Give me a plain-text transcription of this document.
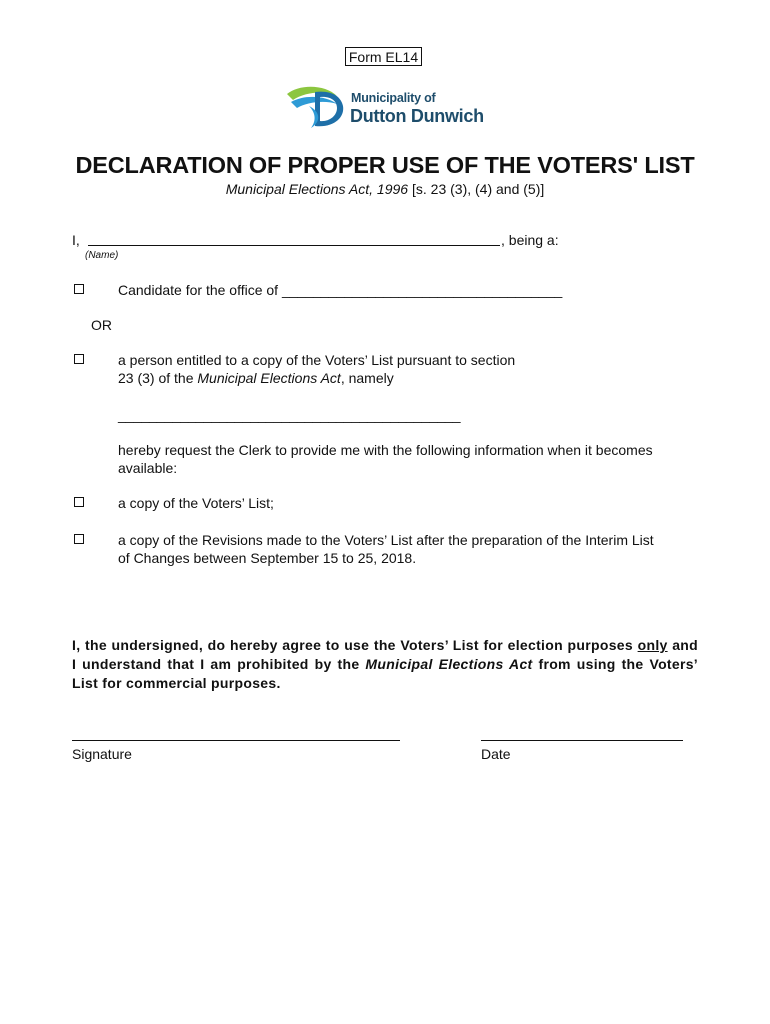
Form EL14
Municipality of
Dutton Dunwich
DECLARATION OF PROPER USE OF THE VOTERS' LIST
Municipal Elections Act, 1996 [s. 23 (3), (4) and (5)]
I,	, being a:
(Name)
Candidate for the office of ____________________________________
OR
a person entitled to a copy of the Voters’ List pursuant to section
23 (3) of the Municipal Elections Act, namely
____________________________________________
hereby request the Clerk to provide me with the following information when it becomes
available:
a copy of the Voters’ List;
a copy of the Revisions made to the Voters’ List after the preparation of the Interim List
of Changes between September 15 to 25, 2018.
I, the undersigned, do hereby agree to use the Voters’ List for election purposes only and I understand that I am prohibited by the Municipal Elections Act from using the Voters’ List for commercial purposes.
Signature	Date
